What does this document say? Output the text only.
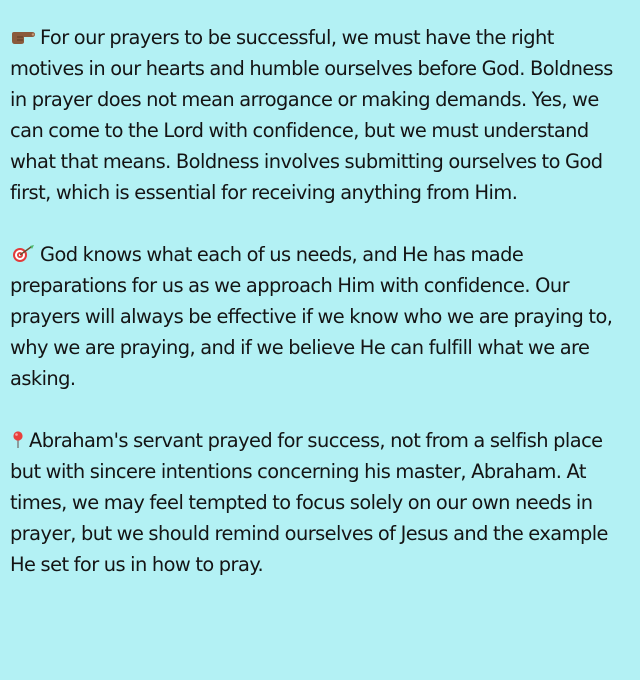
For our prayers to be successful, we must have the right motives in our hearts and humble ourselves before God. Boldness in prayer does not mean arrogance or making demands. Yes, we can come to the Lord with confidence, but we must understand what that means. Boldness involves submitting ourselves to God first, which is essential for receiving anything from Him.

God knows what each of us needs, and He has made preparations for us as we approach Him with confidence. Our prayers will always be effective if we know who we are praying to, why we are praying, and if we believe He can fulfill what we are asking.

Abraham's servant prayed for success, not from a selfish place but with sincere intentions concerning his master, Abraham. At times, we may feel tempted to focus solely on our own needs in prayer, but we should remind ourselves of Jesus and the example He set for us in how to pray.
